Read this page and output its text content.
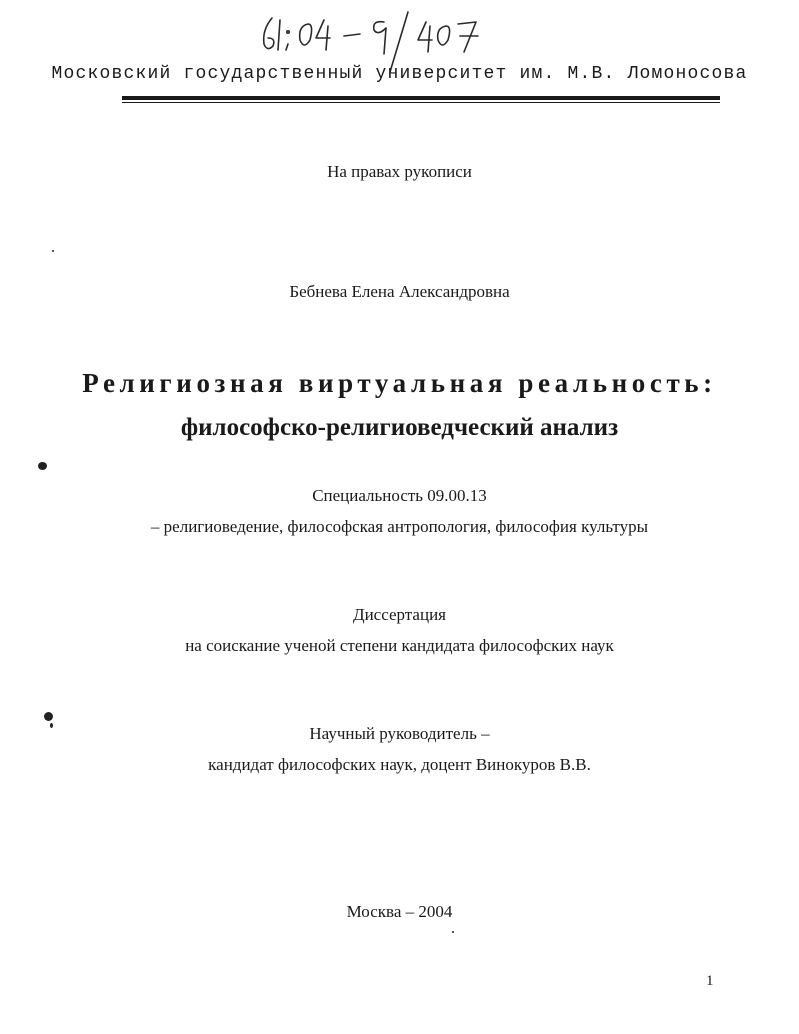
Московский государственный университет им. М.В. Ломоносова
На правах рукописи
Бебнева Елена Александровна
Религиозная виртуальная реальность:
философско-религиоведческий анализ
Специальность 09.00.13
– религиоведение, философская антропология, философия культуры
Диссертация
на соискание ученой степени кандидата философских наук
Научный руководитель –
кандидат философских наук, доцент Винокуров В.В.
Москва – 2004
1
